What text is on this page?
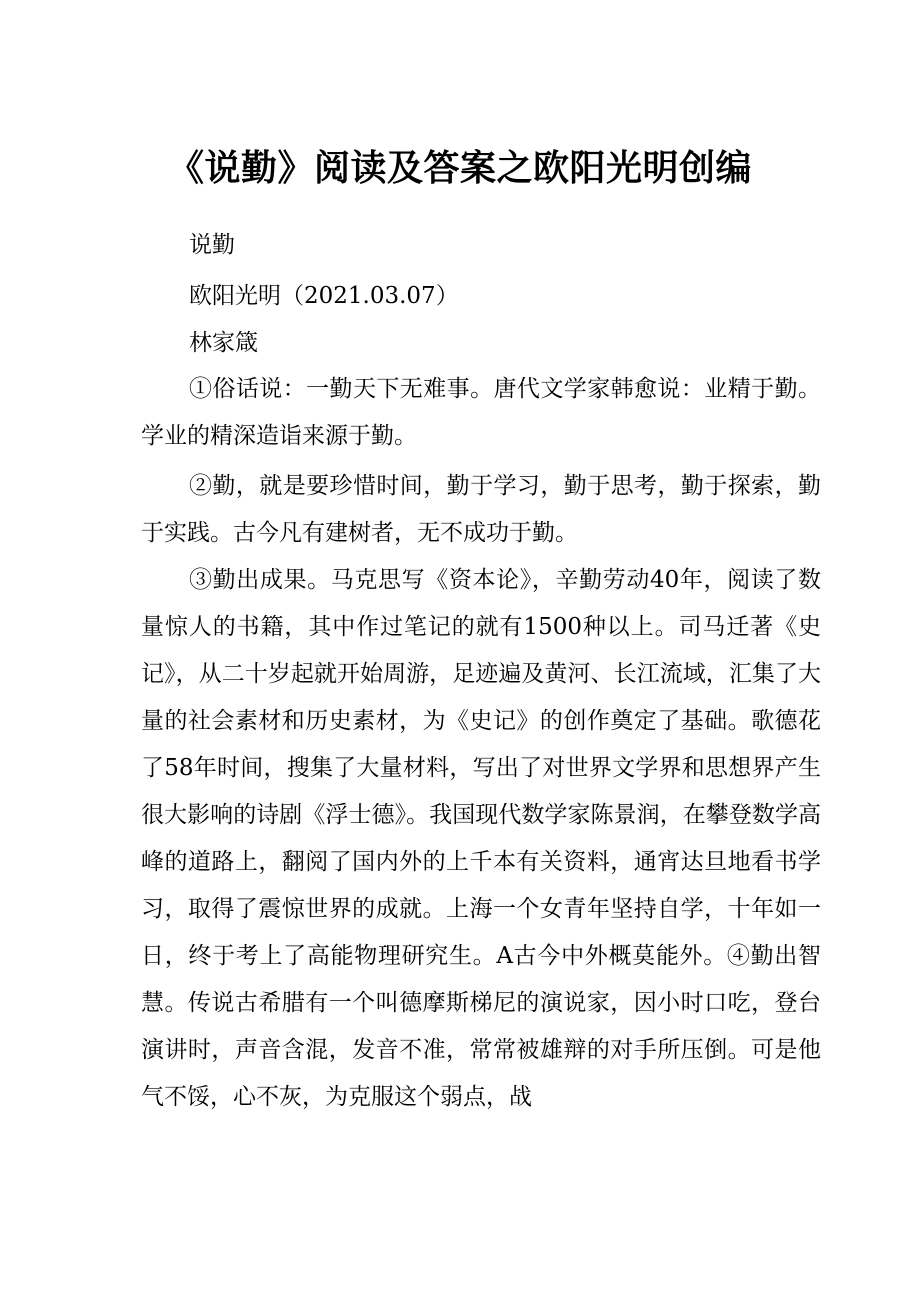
《说勤》阅读及答案之欧阳光明创编
说勤
欧阳光明（2021.03.07）
林家箴

①俗话说：一勤天下无难事。唐代文学家韩愈说：业精于勤。学业的精深造诣来源于勤。

②勤，就是要珍惜时间，勤于学习，勤于思考，勤于探索，勤于实践。古今凡有建树者，无不成功于勤。

③勤出成果。马克思写《资本论》，辛勤劳动40年，阅读了数量惊人的书籍，其中作过笔记的就有1500种以上。司马迁著《史记》，从二十岁起就开始周游，足迹遍及黄河、长江流域，汇集了大量的社会素材和历史素材，为《史记》的创作奠定了基础。歌德花了58年时间，搜集了大量材料，写出了对世界文学界和思想界产生很大影响的诗剧《浮士德》。我国现代数学家陈景润，在攀登数学高峰的道路上，翻阅了国内外的上千本有关资料，通宵达旦地看书学习，取得了震惊世界的成就。上海一个女青年坚持自学，十年如一日，终于考上了高能物理研究生。A古今中外概莫能外。④勤出智慧。传说古希腊有一个叫德摩斯梯尼的演说家，因小时口吃，登台演讲时，声音含混，发音不准，常常被雄辩的对手所压倒。可是他气不馁，心不灰，为克服这个弱点，战
